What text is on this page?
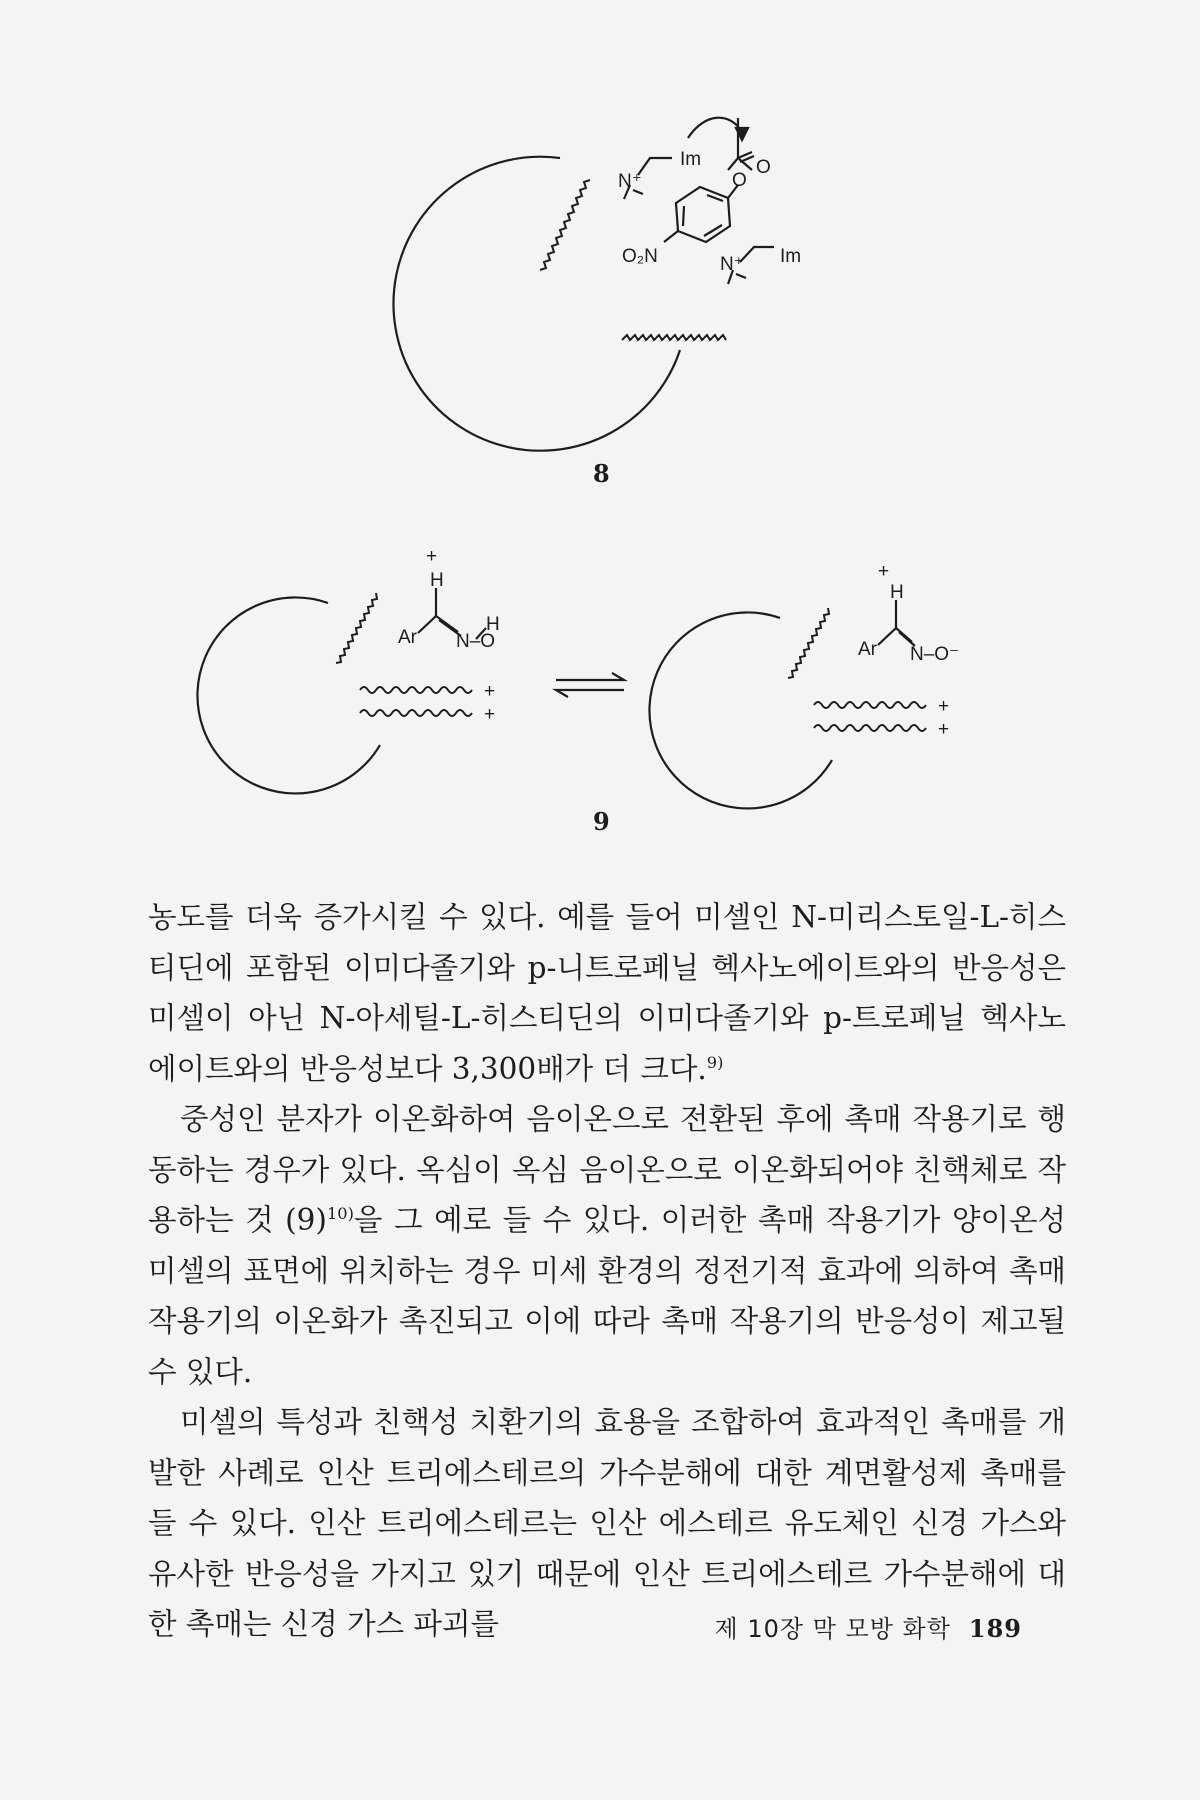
Im
N⁺	O
O
O₂N	Im
N⁺
8
+
H
Ar N–O
H
+
+
+
H
Ar N–O⁻
+
+
9

농도를 더욱 증가시킬 수 있다. 예를 들어 미셀인 N-미리스토일-L-히스티딘에 포함된 이미다졸기와 p-니트로페닐 헥사노에이트와의 반응성은 미셀이 아닌 N-아세틸-L-히스티딘의 이미다졸기와 p-트로페닐 헥사노에이트와의 반응성보다 3,300배가 더 크다.$^{9)}$

중성인 분자가 이온화하여 음이온으로 전환된 후에 촉매 작용기로 행동하는 경우가 있다. 옥심이 옥심 음이온으로 이온화되어야 친핵체로 작용하는 것 $(9)^{10)}$을 그 예로 들 수 있다. 이러한 촉매 작용기가 양이온성 미셀의 표면에 위치하는 경우 미세 환경의 정전기적 효과에 의하여 촉매 작용기의 이온화가 촉진되고 이에 따라 촉매 작용기의 반응성이 제고될 수 있다.

미셀의 특성과 친핵성 치환기의 효용을 조합하여 효과적인 촉매를 개발한 사례로 인산 트리에스테르의 가수분해에 대한 계면활성제 촉매를 들 수 있다. 인산 트리에스테르는 인산 에스테르 유도체인 신경 가스와 유사한 반응성을 가지고 있기 때문에 인산 트리에스테르 가수분해에 대한 촉매는 신경 가스 파괴를	제 10장 막 모방 화학 189
